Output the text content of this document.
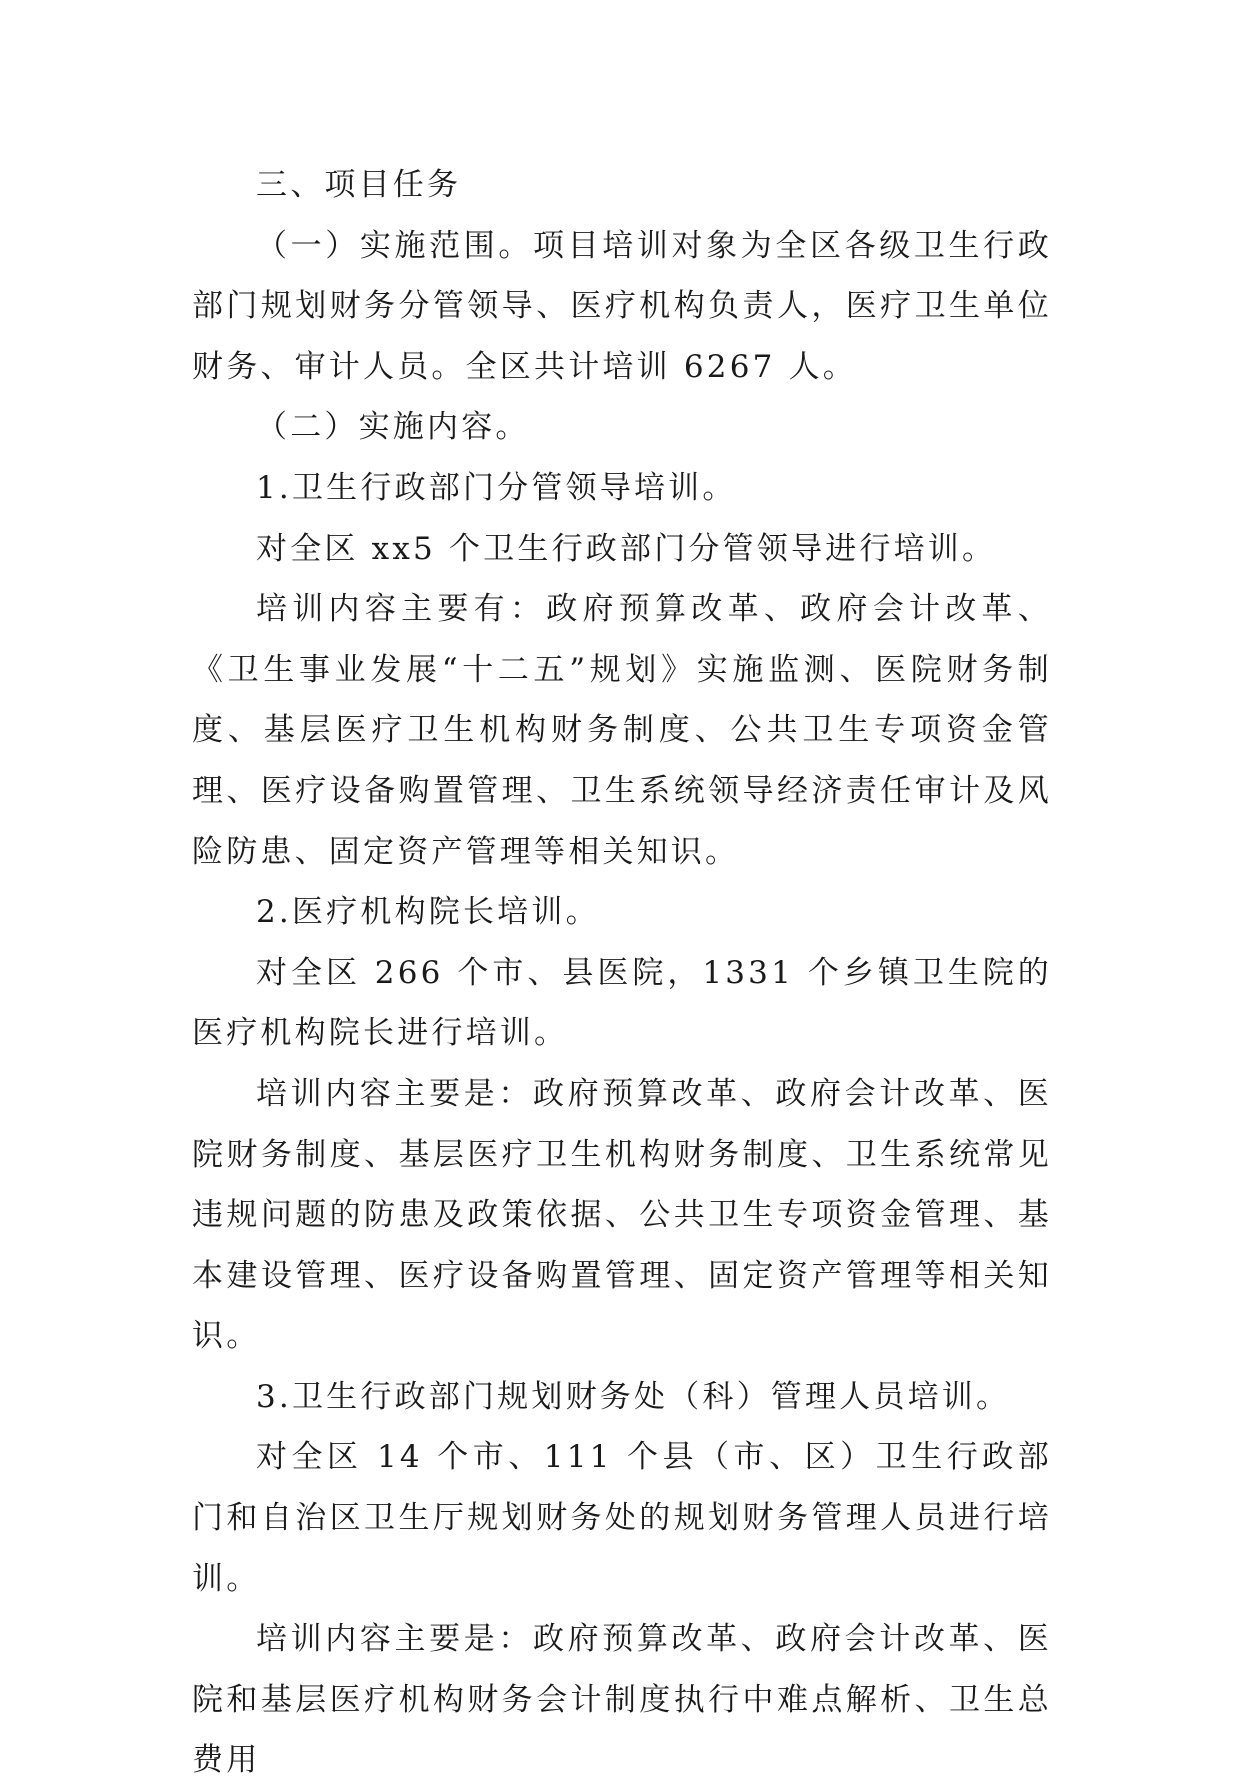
三、项目任务

（一）实施范围。项目培训对象为全区各级卫生行政部门规划财务分管领导、医疗机构负责人，医疗卫生单位财务、审计人员。全区共计培训 6267 人。

（二）实施内容。

1.卫生行政部门分管领导培训。

对全区 xx5 个卫生行政部门分管领导进行培训。

培训内容主要有：政府预算改革、政府会计改革、《卫生事业发展“十二五”规划》实施监测、医院财务制度、基层医疗卫生机构财务制度、公共卫生专项资金管理、医疗设备购置管理、卫生系统领导经济责任审计及风险防患、固定资产管理等相关知识。

2.医疗机构院长培训。

对全区 266 个市、县医院，1331 个乡镇卫生院的医疗机构院长进行培训。

培训内容主要是：政府预算改革、政府会计改革、医院财务制度、基层医疗卫生机构财务制度、卫生系统常见违规问题的防患及政策依据、公共卫生专项资金管理、基本建设管理、医疗设备购置管理、固定资产管理等相关知识。

3.卫生行政部门规划财务处（科）管理人员培训。

对全区 14 个市、111 个县（市、区）卫生行政部门和自治区卫生厅规划财务处的规划财务管理人员进行培训。

培训内容主要是：政府预算改革、政府会计改革、医院和基层医疗机构财务会计制度执行中难点解析、卫生总费用
